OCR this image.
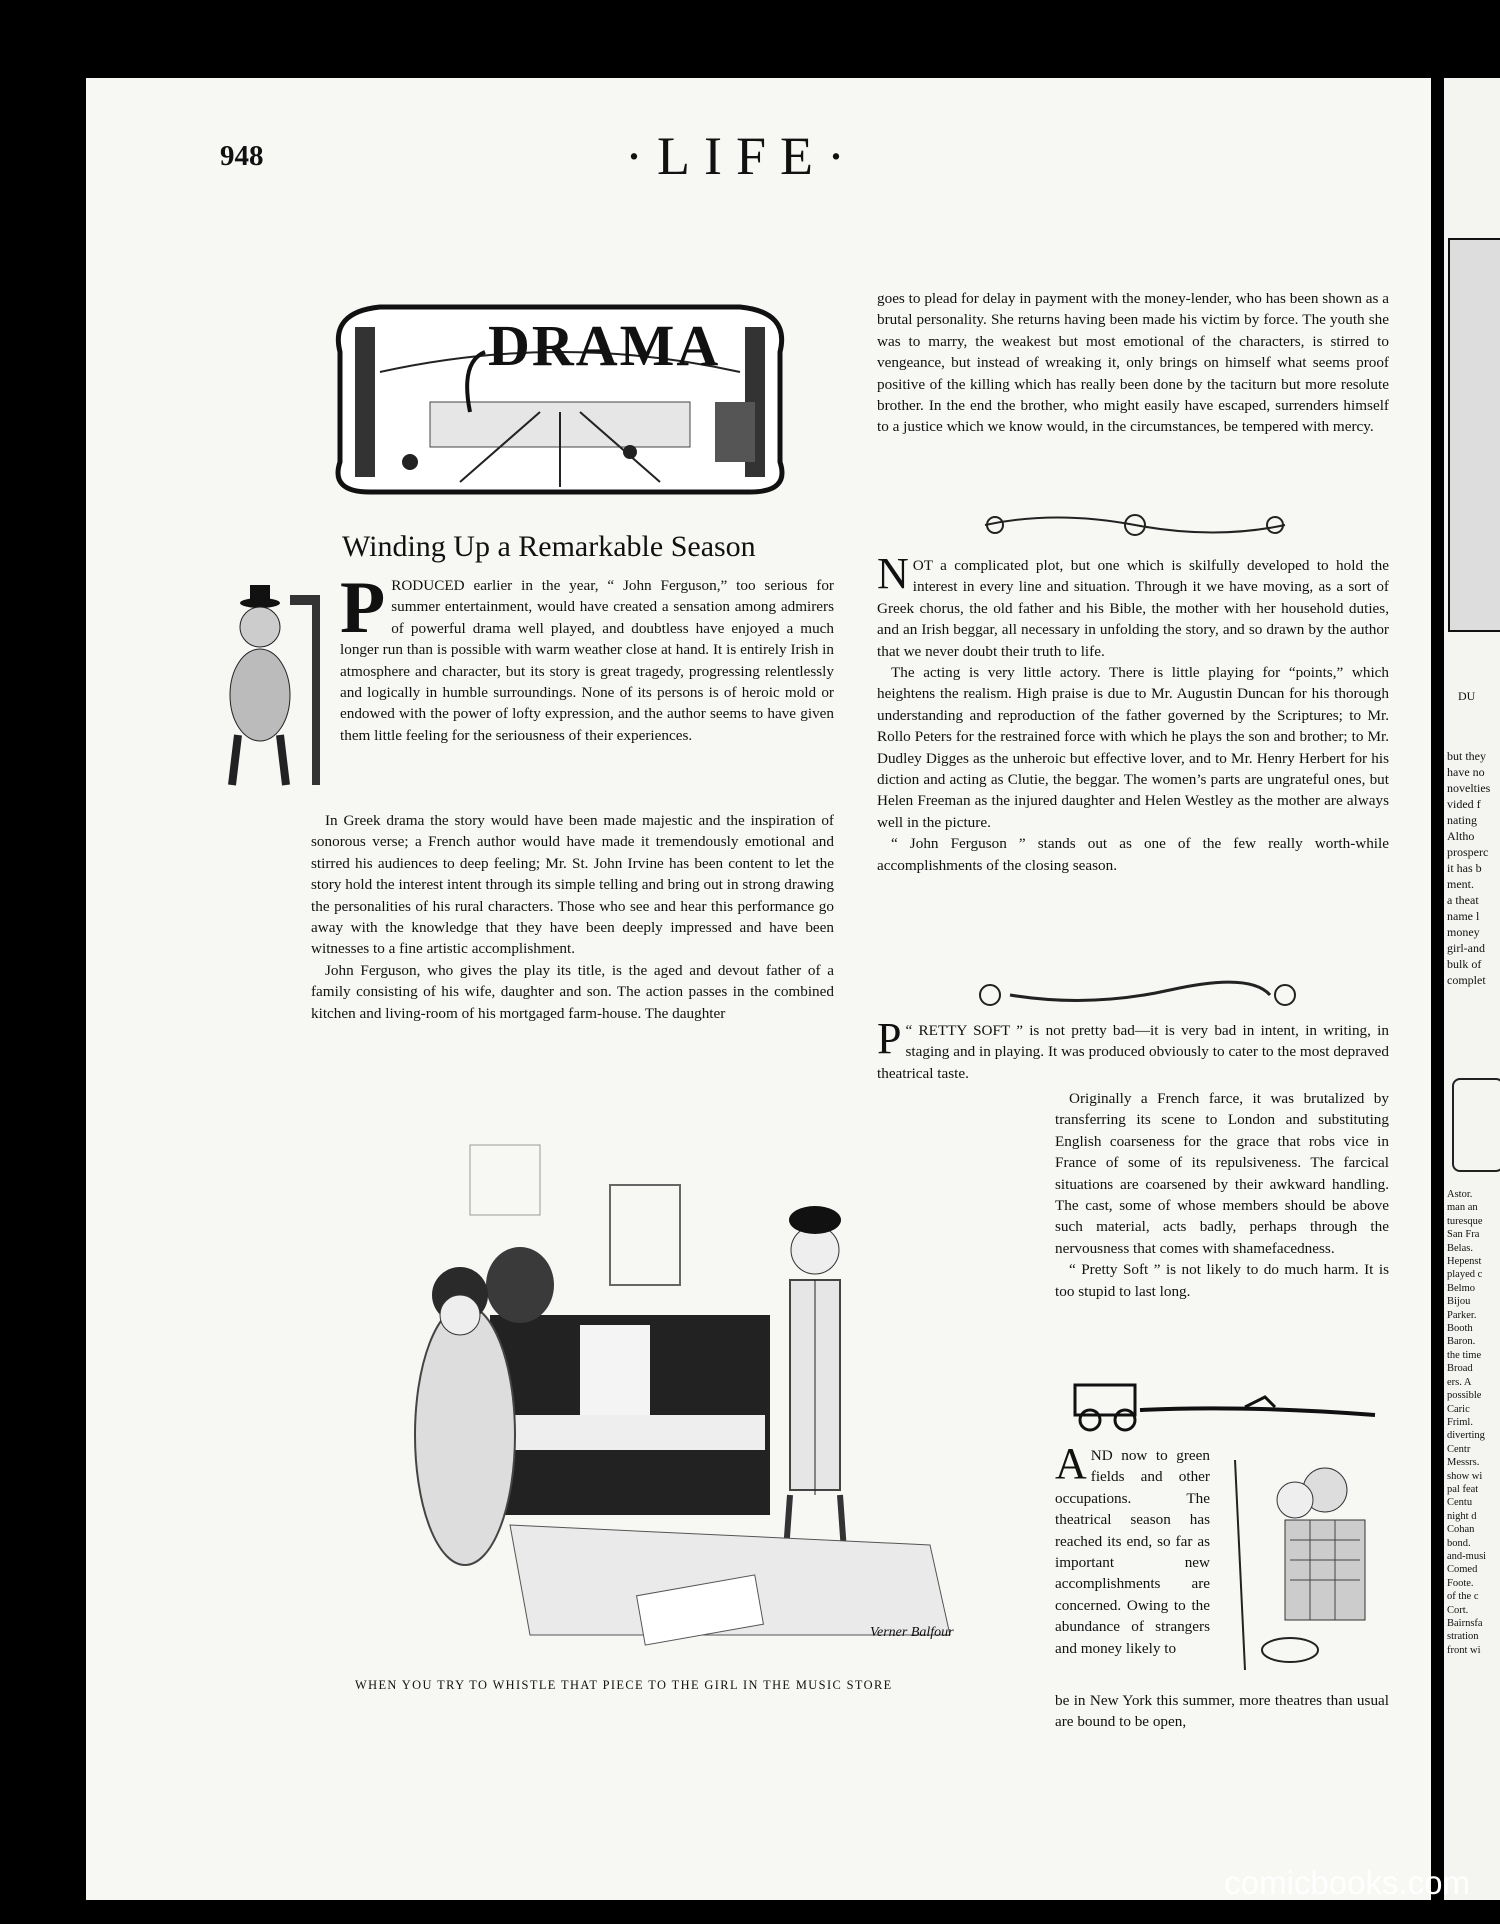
DU
but they
have no
novelties
vided f
nating
Altho
prosperc
it has b
ment.
a theat
name l
money
girl-and
bulk of
complet
Astor.
man an
turesque
San Fra
Belas.
Hepenst
played c
Belmo
Bijou
Parker.
Booth
Baron.
the time
Broad
ers. A
possible
Caric
Friml.
diverting
Centr
Messrs.
show wi
pal feat
Centu
night d
Cohan
bond.
and-musi
Comed
Foote.
of the c
Cort.
Bairnsfa
stration
front wi
948	·LIFE·
DRAMA
Winding Up a Remarkable Season
P RODUCED earlier in the year, “ John Ferguson,” too serious for summer entertainment, would have created a sensation among admirers of powerful drama well played, and doubtless have enjoyed a much longer run than is possible with warm weather close at hand. It is entirely Irish in atmosphere and character, but its story is great tragedy, progressing relentlessly and logically in humble surroundings. None of its persons is of heroic mold or endowed with the power of lofty expression, and the author seems to have given them little feeling for the seriousness of their experiences.

In Greek drama the story would have been made majestic and the inspiration of sonorous verse; a French author would have made it tremendously emotional and stirred his audiences to deep feeling; Mr. St. John Irvine has been content to let the story hold the interest intent through its simple telling and bring out in strong drawing the personalities of his rural characters. Those who see and hear this performance go away with the knowledge that they have been deeply impressed and have been witnesses to a fine artistic accomplishment.

John Ferguson, who gives the play its title, is the aged and devout father of a family consisting of his wife, daughter and son. The action passes in the combined kitchen and living-room of his mortgaged farm-house. The daughter

goes to plead for delay in payment with the money-lender, who has been shown as a brutal personality. She returns having been made his victim by force. The youth she was to marry, the weakest but most emotional of the characters, is stirred to vengeance, but instead of wreaking it, only brings on himself what seems proof positive of the killing which has really been done by the taciturn but more resolute brother. In the end the brother, who might easily have escaped, surrenders himself to a justice which we know would, in the circumstances, be tempered with mercy.

N OT a complicated plot, but one which is skilfully developed to hold the interest in every line and situation. Through it we have moving, as a sort of Greek chorus, the old father and his Bible, the mother with her household duties, and an Irish beggar, all necessary in unfolding the story, and so drawn by the author that we never doubt their truth to life.

The acting is very little actory. There is little playing for “points,” which heightens the realism. High praise is due to Mr. Augustin Duncan for his thorough understanding and reproduction of the father governed by the Scriptures; to Mr. Rollo Peters for the restrained force with which he plays the son and brother; to Mr. Dudley Digges as the unheroic but effective lover, and to Mr. Henry Herbert for his diction and acting as Clutie, the beggar. The women’s parts are ungrateful ones, but Helen Freeman as the injured daughter and Helen Westley as the mother are always well in the picture.

“ John Ferguson ” stands out as one of the few really worth-while accomplishments of the closing season.

P “ RETTY SOFT ” is not pretty bad—it is very bad in intent, in writing, in staging and in playing. It was produced obviously to cater to the most depraved theatrical taste.

Originally a French farce, it was brutalized by transferring its scene to London and substituting English coarseness for the grace that robs vice in France of some of its repulsiveness. The farcical situations are coarsened by their awkward handling. The cast, some of whose members should be above such material, acts badly, perhaps through the nervousness that comes with shamefacedness.

“ Pretty Soft ” is not likely to do much harm. It is too stupid to last long.

A ND now to green fields and other occupations. The theatrical season has reached its end, so far as important new accomplishments are concerned. Owing to the abundance of strangers and money likely to

be in New York this summer, more theatres than usual are bound to be open,

Verner Balfour
WHEN YOU TRY TO WHISTLE THAT PIECE TO THE GIRL IN THE MUSIC STORE
comicbooks.com
